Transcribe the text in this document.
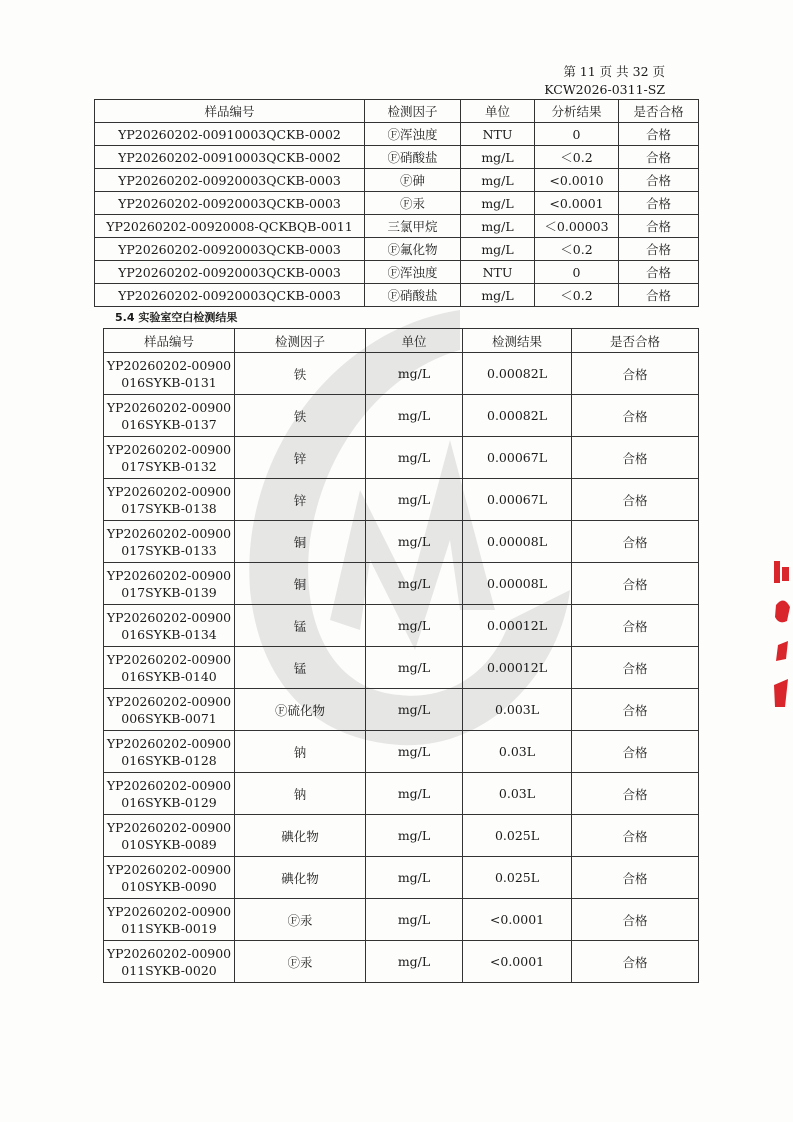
第 11 页 共 32 页
KCW2026-0311-SZ
样品编号	检测因子	单位	分析结果	是否合格
YP20260202-00910003QCKB-0002	Ⓕ浑浊度	NTU	0	合格
YP20260202-00910003QCKB-0002	Ⓕ硝酸盐	mg/L	＜0.2	合格
YP20260202-00920003QCKB-0003	Ⓕ砷	mg/L	<0.0010	合格
YP20260202-00920003QCKB-0003	Ⓕ汞	mg/L	<0.0001	合格
YP20260202-00920008-QCKBQB-0011	三氯甲烷	mg/L	＜0.00003	合格
YP20260202-00920003QCKB-0003	Ⓕ氟化物	mg/L	＜0.2	合格
YP20260202-00920003QCKB-0003	Ⓕ浑浊度	NTU	0	合格
YP20260202-00920003QCKB-0003	Ⓕ硝酸盐	mg/L	＜0.2	合格
5.4 实验室空白检测结果
样品编号	检测因子	单位	检测结果	是否合格
YP20260202-00900
016SYKB-0131	铁	mg/L	0.00082L	合格
YP20260202-00900
016SYKB-0137	铁	mg/L	0.00082L	合格
YP20260202-00900
017SYKB-0132	锌	mg/L	0.00067L	合格
YP20260202-00900
017SYKB-0138	锌	mg/L	0.00067L	合格
YP20260202-00900
017SYKB-0133	铜	mg/L	0.00008L	合格
YP20260202-00900
017SYKB-0139	铜	mg/L	0.00008L	合格
YP20260202-00900
016SYKB-0134	锰	mg/L	0.00012L	合格
YP20260202-00900
016SYKB-0140	锰	mg/L	0.00012L	合格
YP20260202-00900
006SYKB-0071	Ⓕ硫化物	mg/L	0.003L	合格
YP20260202-00900
016SYKB-0128	钠	mg/L	0.03L	合格
YP20260202-00900
016SYKB-0129	钠	mg/L	0.03L	合格
YP20260202-00900
010SYKB-0089	碘化物	mg/L	0.025L	合格
YP20260202-00900
010SYKB-0090	碘化物	mg/L	0.025L	合格
YP20260202-00900
011SYKB-0019	Ⓕ汞	mg/L	<0.0001	合格
YP20260202-00900
011SYKB-0020	Ⓕ汞	mg/L	<0.0001	合格
